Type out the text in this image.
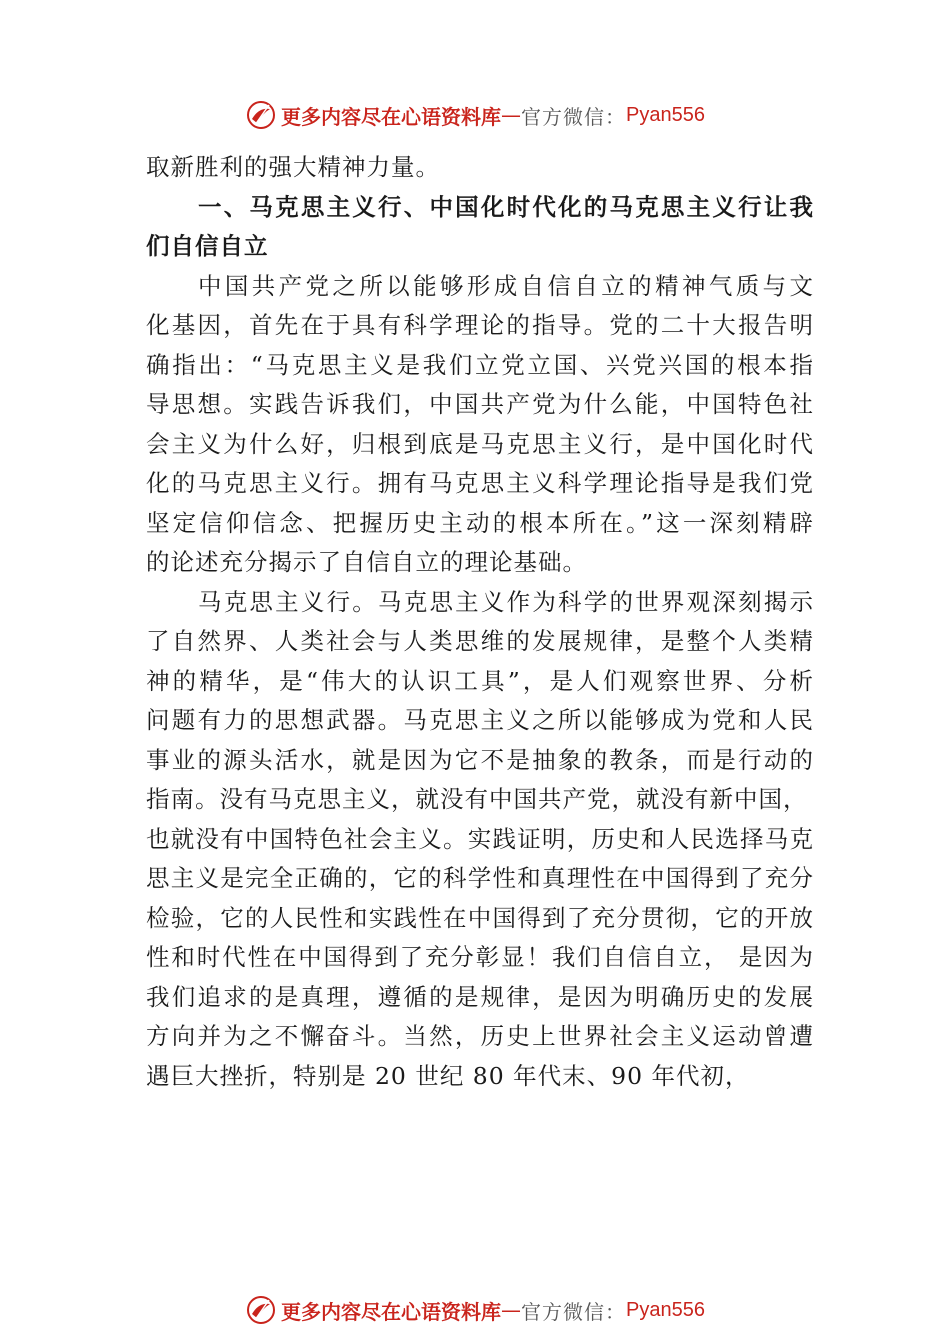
更多内容尽在心语资料库 — 官方微信： Pyan556
取新胜利的强大精神力量。
一、马克思主义行、中国化时代化的马克思主义行让我
们自信自立
中国共产党之所以能够形成自信自立的精神气质与文
化基因，首先在于具有科学理论的指导。党的二十大报告明
确指出：“马克思主义是我们立党立国、兴党兴国的根本指
导思想。实践告诉我们，中国共产党为什么能，中国特色社
会主义为什么好，归根到底是马克思主义行，是中国化时代
化的马克思主义行。拥有马克思主义科学理论指导是我们党
坚定信仰信念、把握历史主动的根本所在。”这一深刻精辟
的论述充分揭示了自信自立的理论基础。
马克思主义行。马克思主义作为科学的世界观深刻揭示
了自然界、人类社会与人类思维的发展规律，是整个人类精
神的精华，是“伟大的认识工具”，是人们观察世界、分析
问题有力的思想武器。马克思主义之所以能够成为党和人民
事业的源头活水，就是因为它不是抽象的教条，而是行动的
指南。没有马克思主义，就没有中国共产党，就没有新中国，
也就没有中国特色社会主义。实践证明，历史和人民选择马克
思主义是完全正确的，它的科学性和真理性在中国得到了充分
检验，它的人民性和实践性在中国得到了充分贯彻，它的开放
性和时代性在中国得到了充分彰显！我们自信自立， 是因为
我们追求的是真理，遵循的是规律，是因为明确历史的发展
方向并为之不懈奋斗。当然，历史上世界社会主义运动曾遭
遇巨大挫折，特别是 20 世纪 80 年代末、90 年代初，
更多内容尽在心语资料库 — 官方微信： Pyan556
